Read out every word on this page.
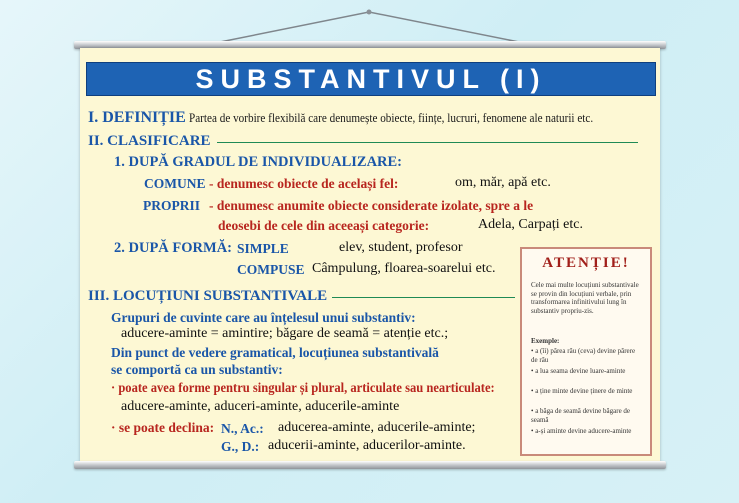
SUBSTANTIVUL (I)
I. DEFINIȚIE Partea de vorbire flexibilă care denumește obiecte, ființe, lucruri, fenomene ale naturii etc.
II. CLASIFICARE
1. DUPĂ GRADUL DE INDIVIDUALIZARE:
COMUNE - denumesc obiecte de același fel:	om, măr, apă etc.
PROPRII - denumesc anumite obiecte considerate izolate, spre a le
deosebi de cele din aceeași categorie:	Adela, Carpați etc.
2. DUPĂ FORMĂ: SIMPLE	elev, student, profesor
COMPUSE Câmpulung, floarea-soarelui etc.
III. LOCUȚIUNI SUBSTANTIVALE
Grupuri de cuvinte care au înțelesul unui substantiv:
aducere-aminte = amintire; băgare de seamă = atenție etc.;
Din punct de vedere gramatical, locuțiunea substantivală
se comportă ca un substantiv:
· poate avea forme pentru singular și plural, articulate sau nearticulate:
aducere-aminte, aduceri-aminte, aducerile-aminte
· se poate declina: N., Ac.: aducerea-aminte, aducerile-aminte;
G., D.: aducerii-aminte, aducerilor-aminte.
ATENȚIE!
Cele mai multe locuțiuni substantivale se provin din locuțiuni verbale, prin transformarea infinitivului lung în substantiv propriu-zis.
Exemple:
• a (îi) părea rău (ceva) devine părere de rău
• a lua seama devine luare-aminte
• a ține minte devine ținere de minte
• a băga de seamă devine băgare de seamă
• a-și aminte devine aducere-aminte
